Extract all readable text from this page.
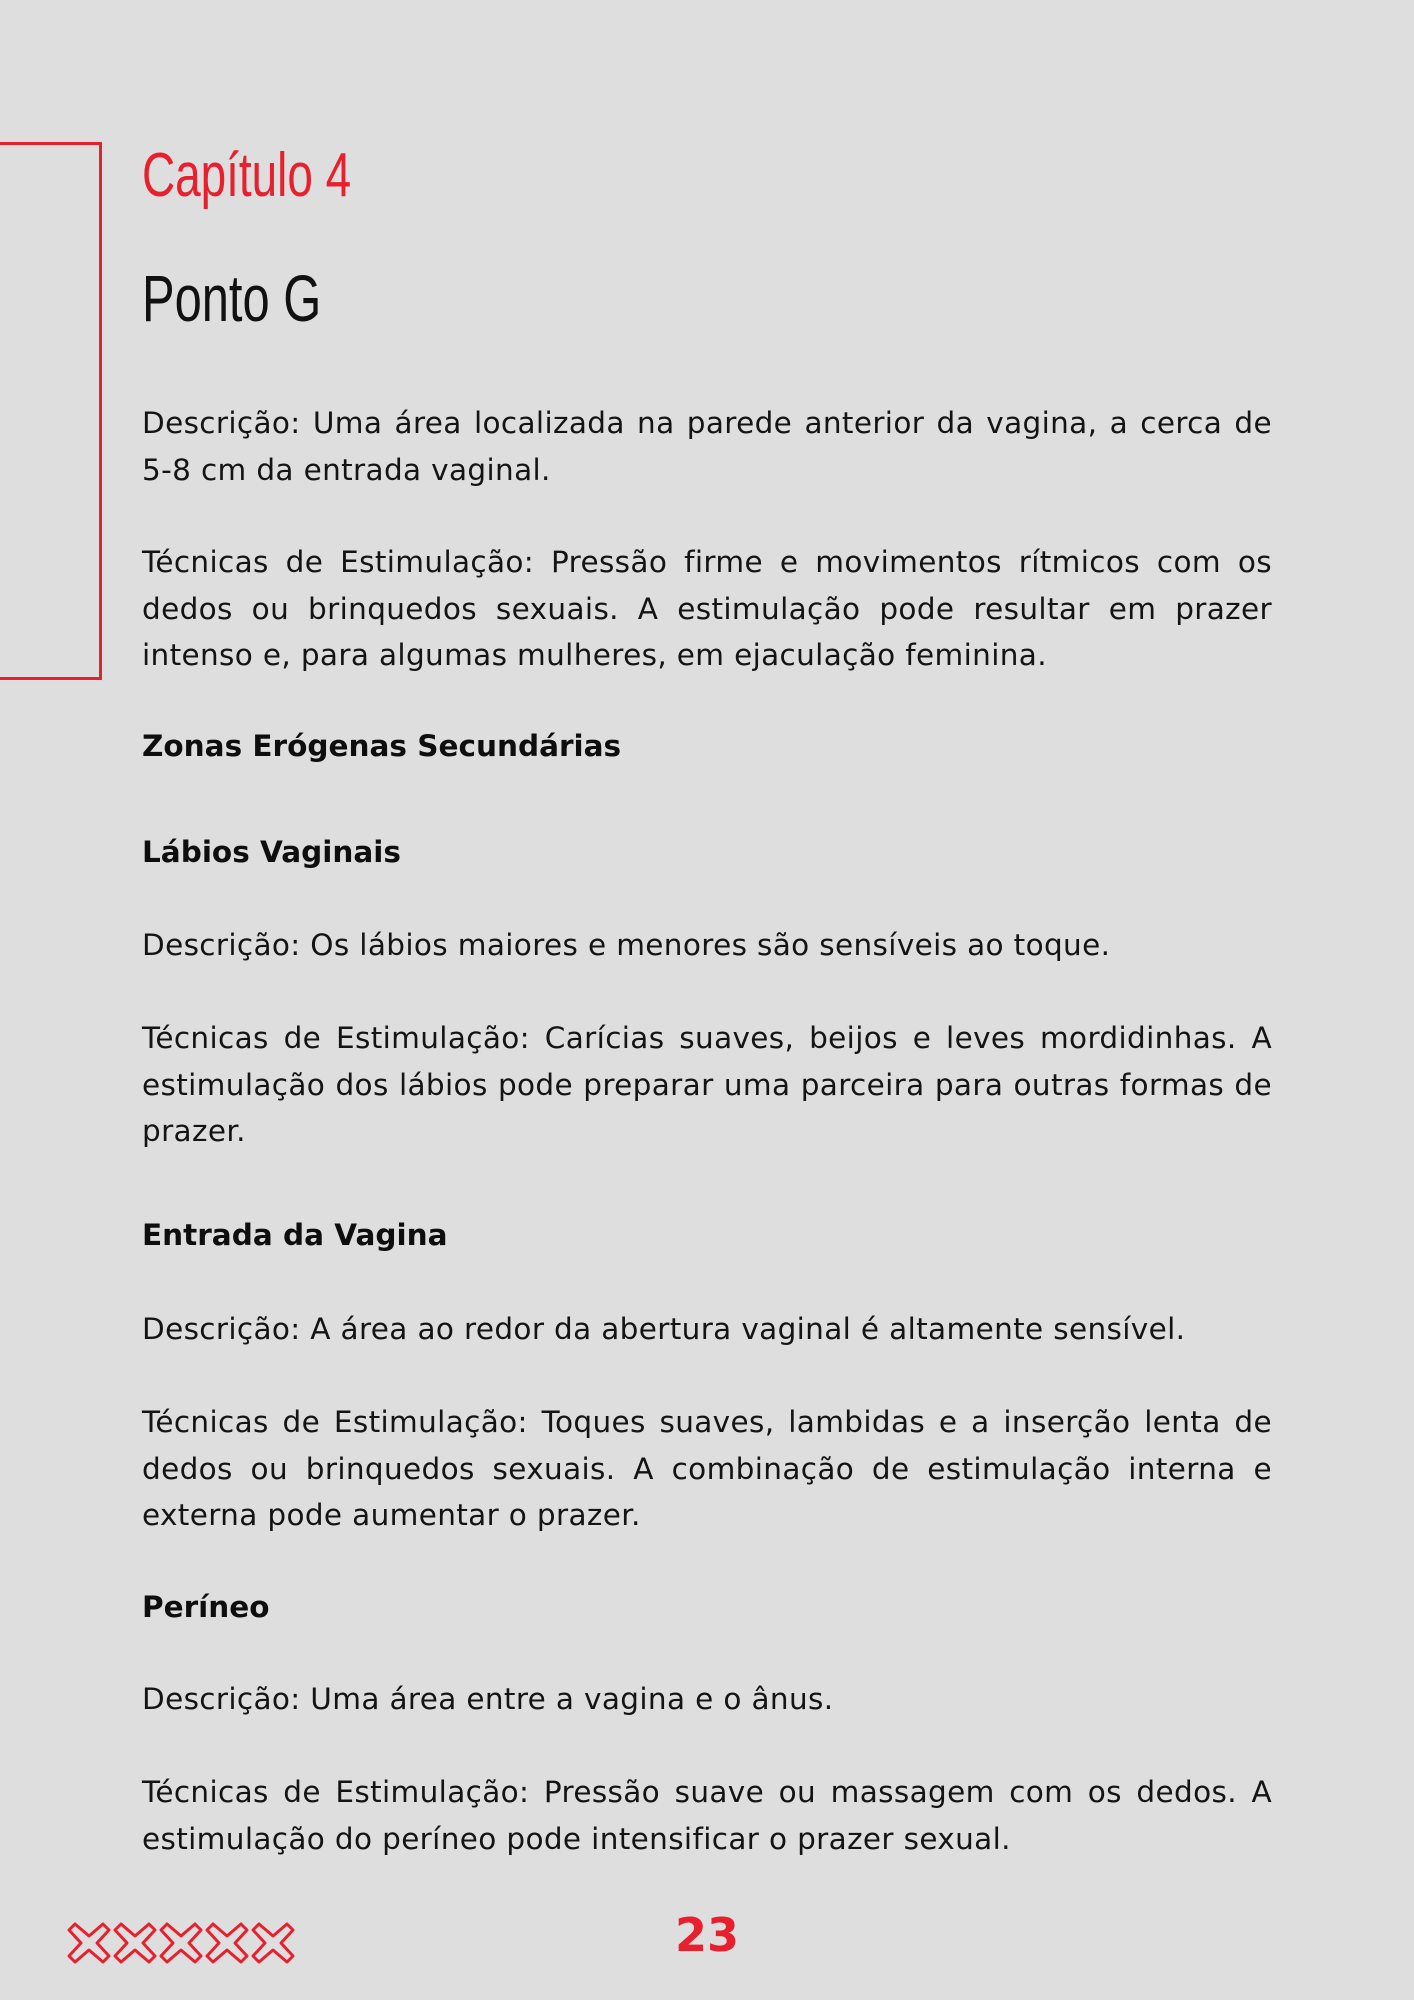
Capítulo 4
Ponto G

Descrição: Uma área localizada na parede anterior da vagina, a cerca de 5-8 cm da entrada vaginal.

Técnicas de Estimulação: Pressão firme e movimentos rítmicos com os dedos ou brinquedos sexuais. A estimulação pode resultar em prazer intenso e, para algumas mulheres, em ejaculação feminina.

Zonas Erógenas Secundárias
Lábios Vaginais

Descrição: Os lábios maiores e menores são sensíveis ao toque.

Técnicas de Estimulação: Carícias suaves, beijos e leves mordidinhas. A estimulação dos lábios pode preparar uma parceira para outras formas de prazer.

Entrada da Vagina

Descrição: A área ao redor da abertura vaginal é altamente sensível.

Técnicas de Estimulação: Toques suaves, lambidas e a inserção lenta de dedos ou brinquedos sexuais. A combinação de estimulação interna e externa pode aumentar o prazer.

Períneo

Descrição: Uma área entre a vagina e o ânus.

Técnicas de Estimulação: Pressão suave ou massagem com os dedos. A estimulação do períneo pode intensificar o prazer sexual.

23
